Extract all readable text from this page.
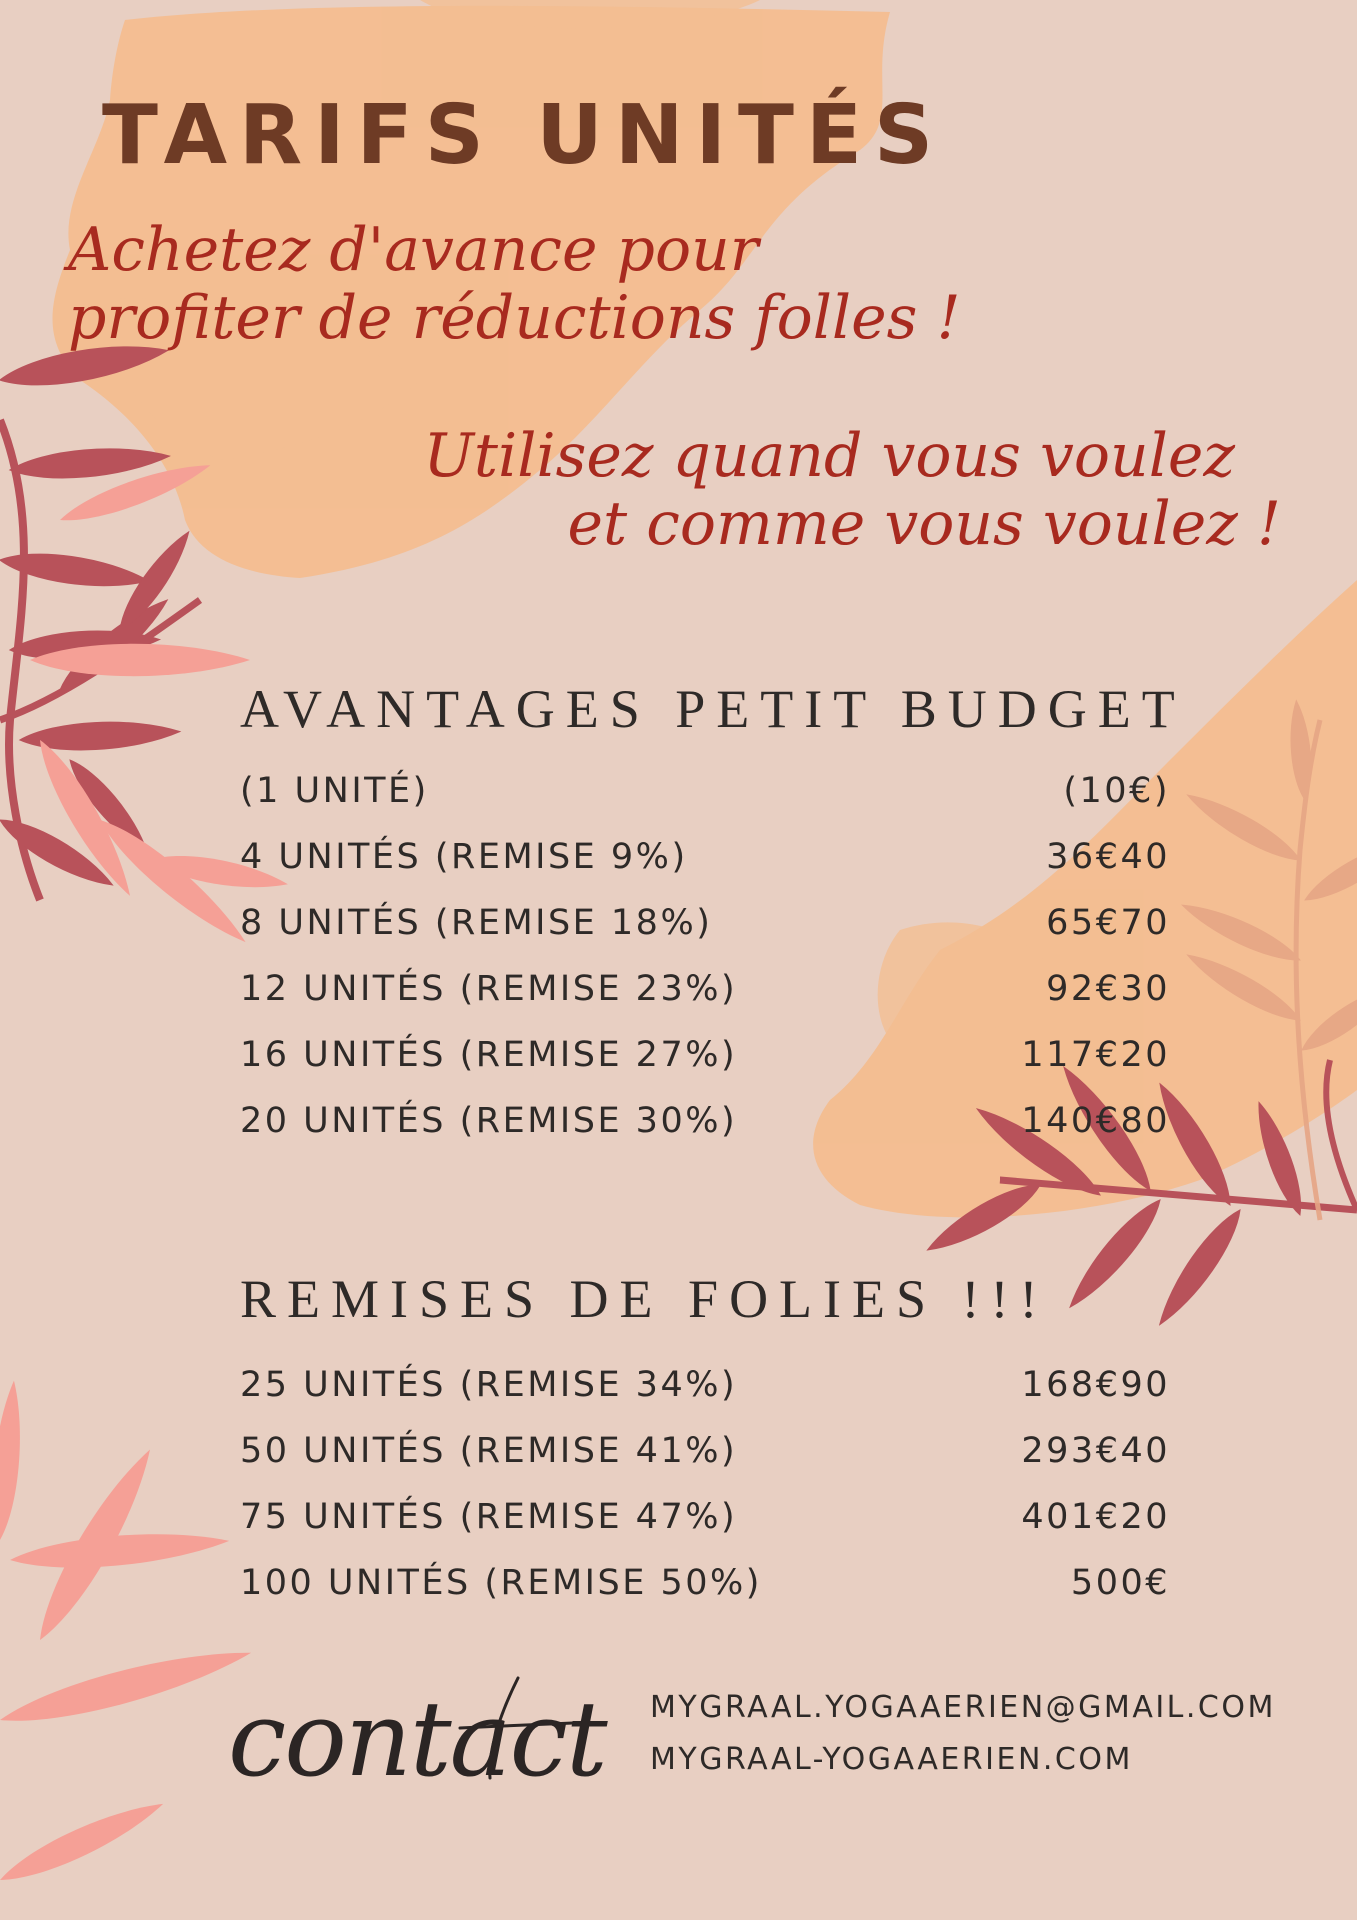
TARIFS UNITÉS

Achetez d'avance pour

profiter de réductions folles !

Utilisez quand vous voulez

et comme vous voulez !

AVANTAGES PETIT BUDGET
(1 UNITÉ)	(10€)
4 UNITÉS (REMISE 9%)	36€40
8 UNITÉS (REMISE 18%)	65€70
12 UNITÉS (REMISE 23%)	92€30
16 UNITÉS (REMISE 27%)	117€20
20 UNITÉS (REMISE 30%)	140€80
REMISES DE FOLIES !!!
25 UNITÉS (REMISE 34%)	168€90
50 UNITÉS (REMISE 41%)	293€40
75 UNITÉS (REMISE 47%)	401€20
100 UNITÉS (REMISE 50%)	500€

contact MYGRAAL.YOGAAERIEN@GMAIL.COM
MYGRAAL-YOGAAERIEN.COM
